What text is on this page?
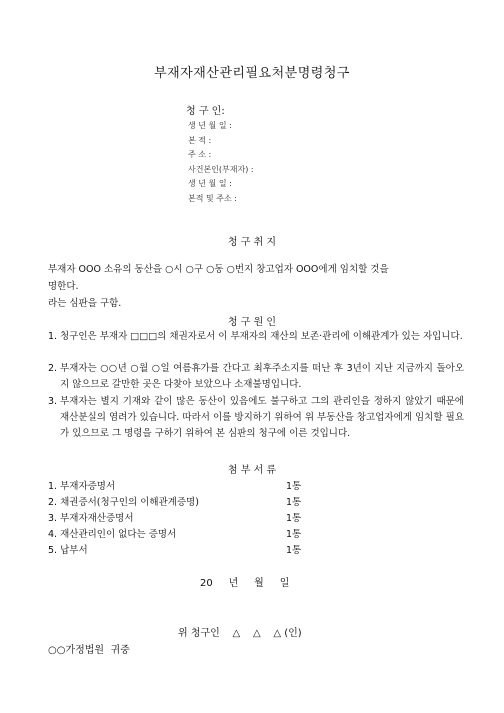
부재자재산관리필요처분명령청구
청 구 인:
생 년 월 일 :
본 적 :
주 소 :
사건본인(부재자) :
생 년 월 일 :
본적 및 주소 :
청 구 취 지
부재자 OOO 소유의 동산을 ○시 ○구 ○동 ○번지 창고업자 OOO에게 임치할 것을
명한다.
라는 심판을 구함.
청 구 원 인
1. 청구인은 부재자 □□□의 채권자로서 이 부재자의 재산의 보존·관리에 이해관계가 있는 자입니다.
2. 부재자는 ○○년 ○월 ○일 여름휴가를 간다고 최후주소지를 떠난 후 3년이 지난 지금까지 돌아오지 않으므로 갈만한 곳은 다찾아 보았으나 소재불명입니다.
3. 부재자는 별지 기재와 같이 많은 동산이 있음에도 불구하고 그의 관리인을 정하지 않았기 때문에 재산분실의 염려가 있습니다. 따라서 이를 방지하기 위하여 위 부동산을 창고업자에게 임치할 필요가 있으므로 그 명령을 구하기 위하여 본 심판의 청구에 이른 것입니다.
첨 부 서 류
1. 부재자증명서	1통
2. 채권증서(청구인의 이해관계증명)	1통
3. 부재자재산증명서	1통
4. 재산관리인이 없다는 증명서	1통
5. 납부서	1통
20     년     월     일
위 청구인    △    △    △ (인)
○○가정법원  귀중
